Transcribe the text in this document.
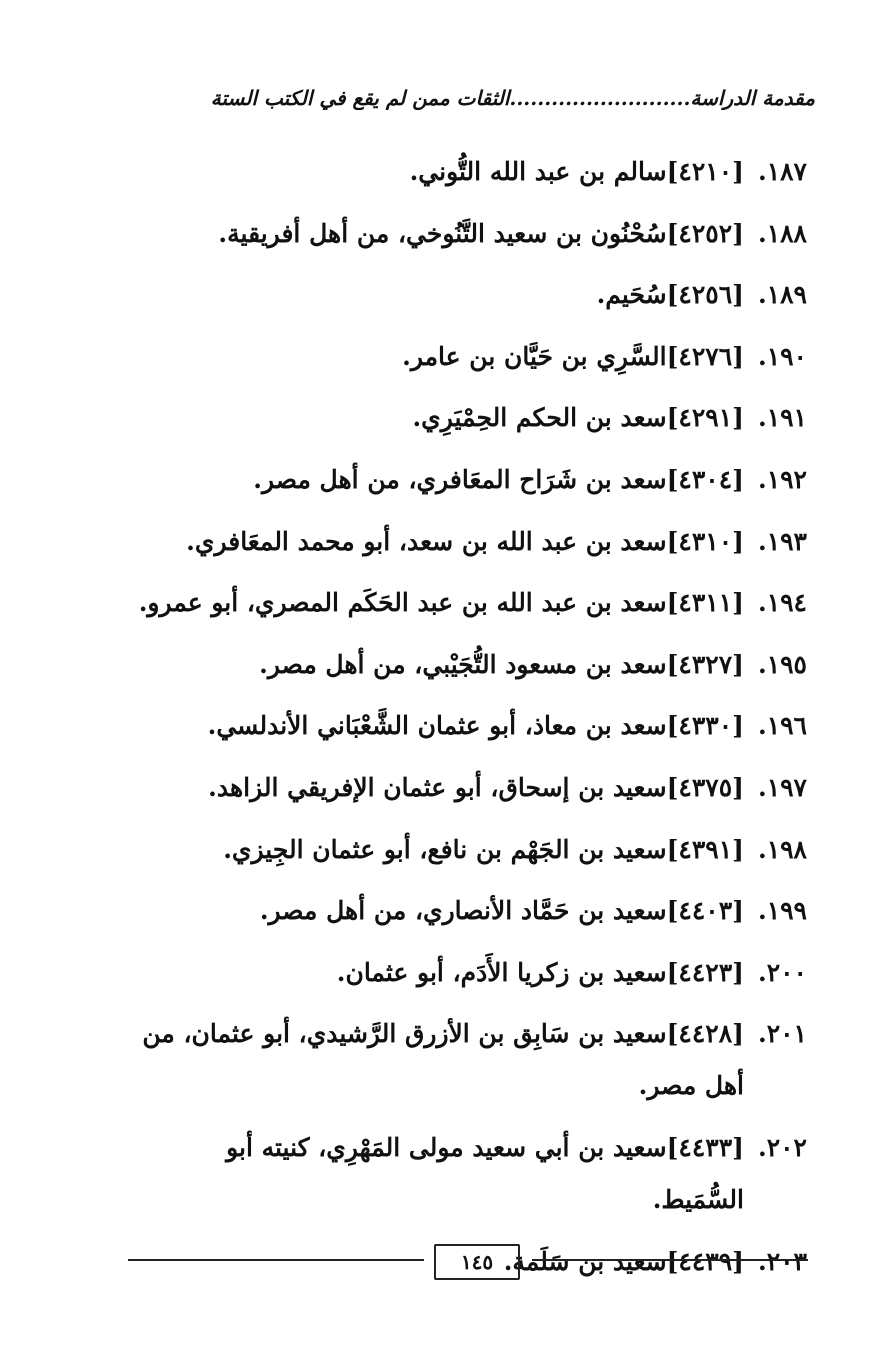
مقدمة الدراسة..........................الثقات ممن لم يقع في الكتب الستة
١٨٧
.
[٤٢١٠]سالم بن عبد الله التُّوني.
١٨٨
.
[٤٢٥٢]سُحْنُون بن سعيد التَّنُوخي، من أهل أفريقية.
١٨٩
.
[٤٢٥٦]سُحَيم.
١٩٠
.
[٤٢٧٦]السَّرِي بن حَيَّان بن عامر.
١٩١
.
[٤٢٩١]سعد بن الحكم الحِمْيَرِي.
١٩٢
.
[٤٣٠٤]سعد بن شَرَاح المعَافري، من أهل مصر.
١٩٣
.
[٤٣١٠]سعد بن عبد الله بن سعد، أبو محمد المعَافري.
١٩٤
.
[٤٣١١]سعد بن عبد الله بن عبد الحَكَم المصري، أبو عمرو.
١٩٥
.
[٤٣٢٧]سعد بن مسعود التُّجَيْبي، من أهل مصر.
١٩٦
.
[٤٣٣٠]سعد بن معاذ، أبو عثمان الشَّعْبَاني الأندلسي.
١٩٧
.
[٤٣٧٥]سعيد بن إسحاق، أبو عثمان الإفريقي الزاهد.
١٩٨
.
[٤٣٩١]سعيد بن الجَهْم بن نافع، أبو عثمان الجِيزي.
١٩٩
.
[٤٤٠٣]سعيد بن حَمَّاد الأنصاري، من أهل مصر.
٢٠٠
.
[٤٤٢٣]سعيد بن زكريا الأَدَم، أبو عثمان.
٢٠١
.
[٤٤٢٨]سعيد بن سَابِق بن الأزرق الرَّشيدي، أبو عثمان، من أهل مصر.
٢٠٢
.
[٤٤٣٣]سعيد بن أبي سعيد مولى المَهْرِي، كنيته أبو السُّمَيط.
٢٠٣
.
[٤٤٣٩]سعيد بن سَلَمة.
١٤٥
